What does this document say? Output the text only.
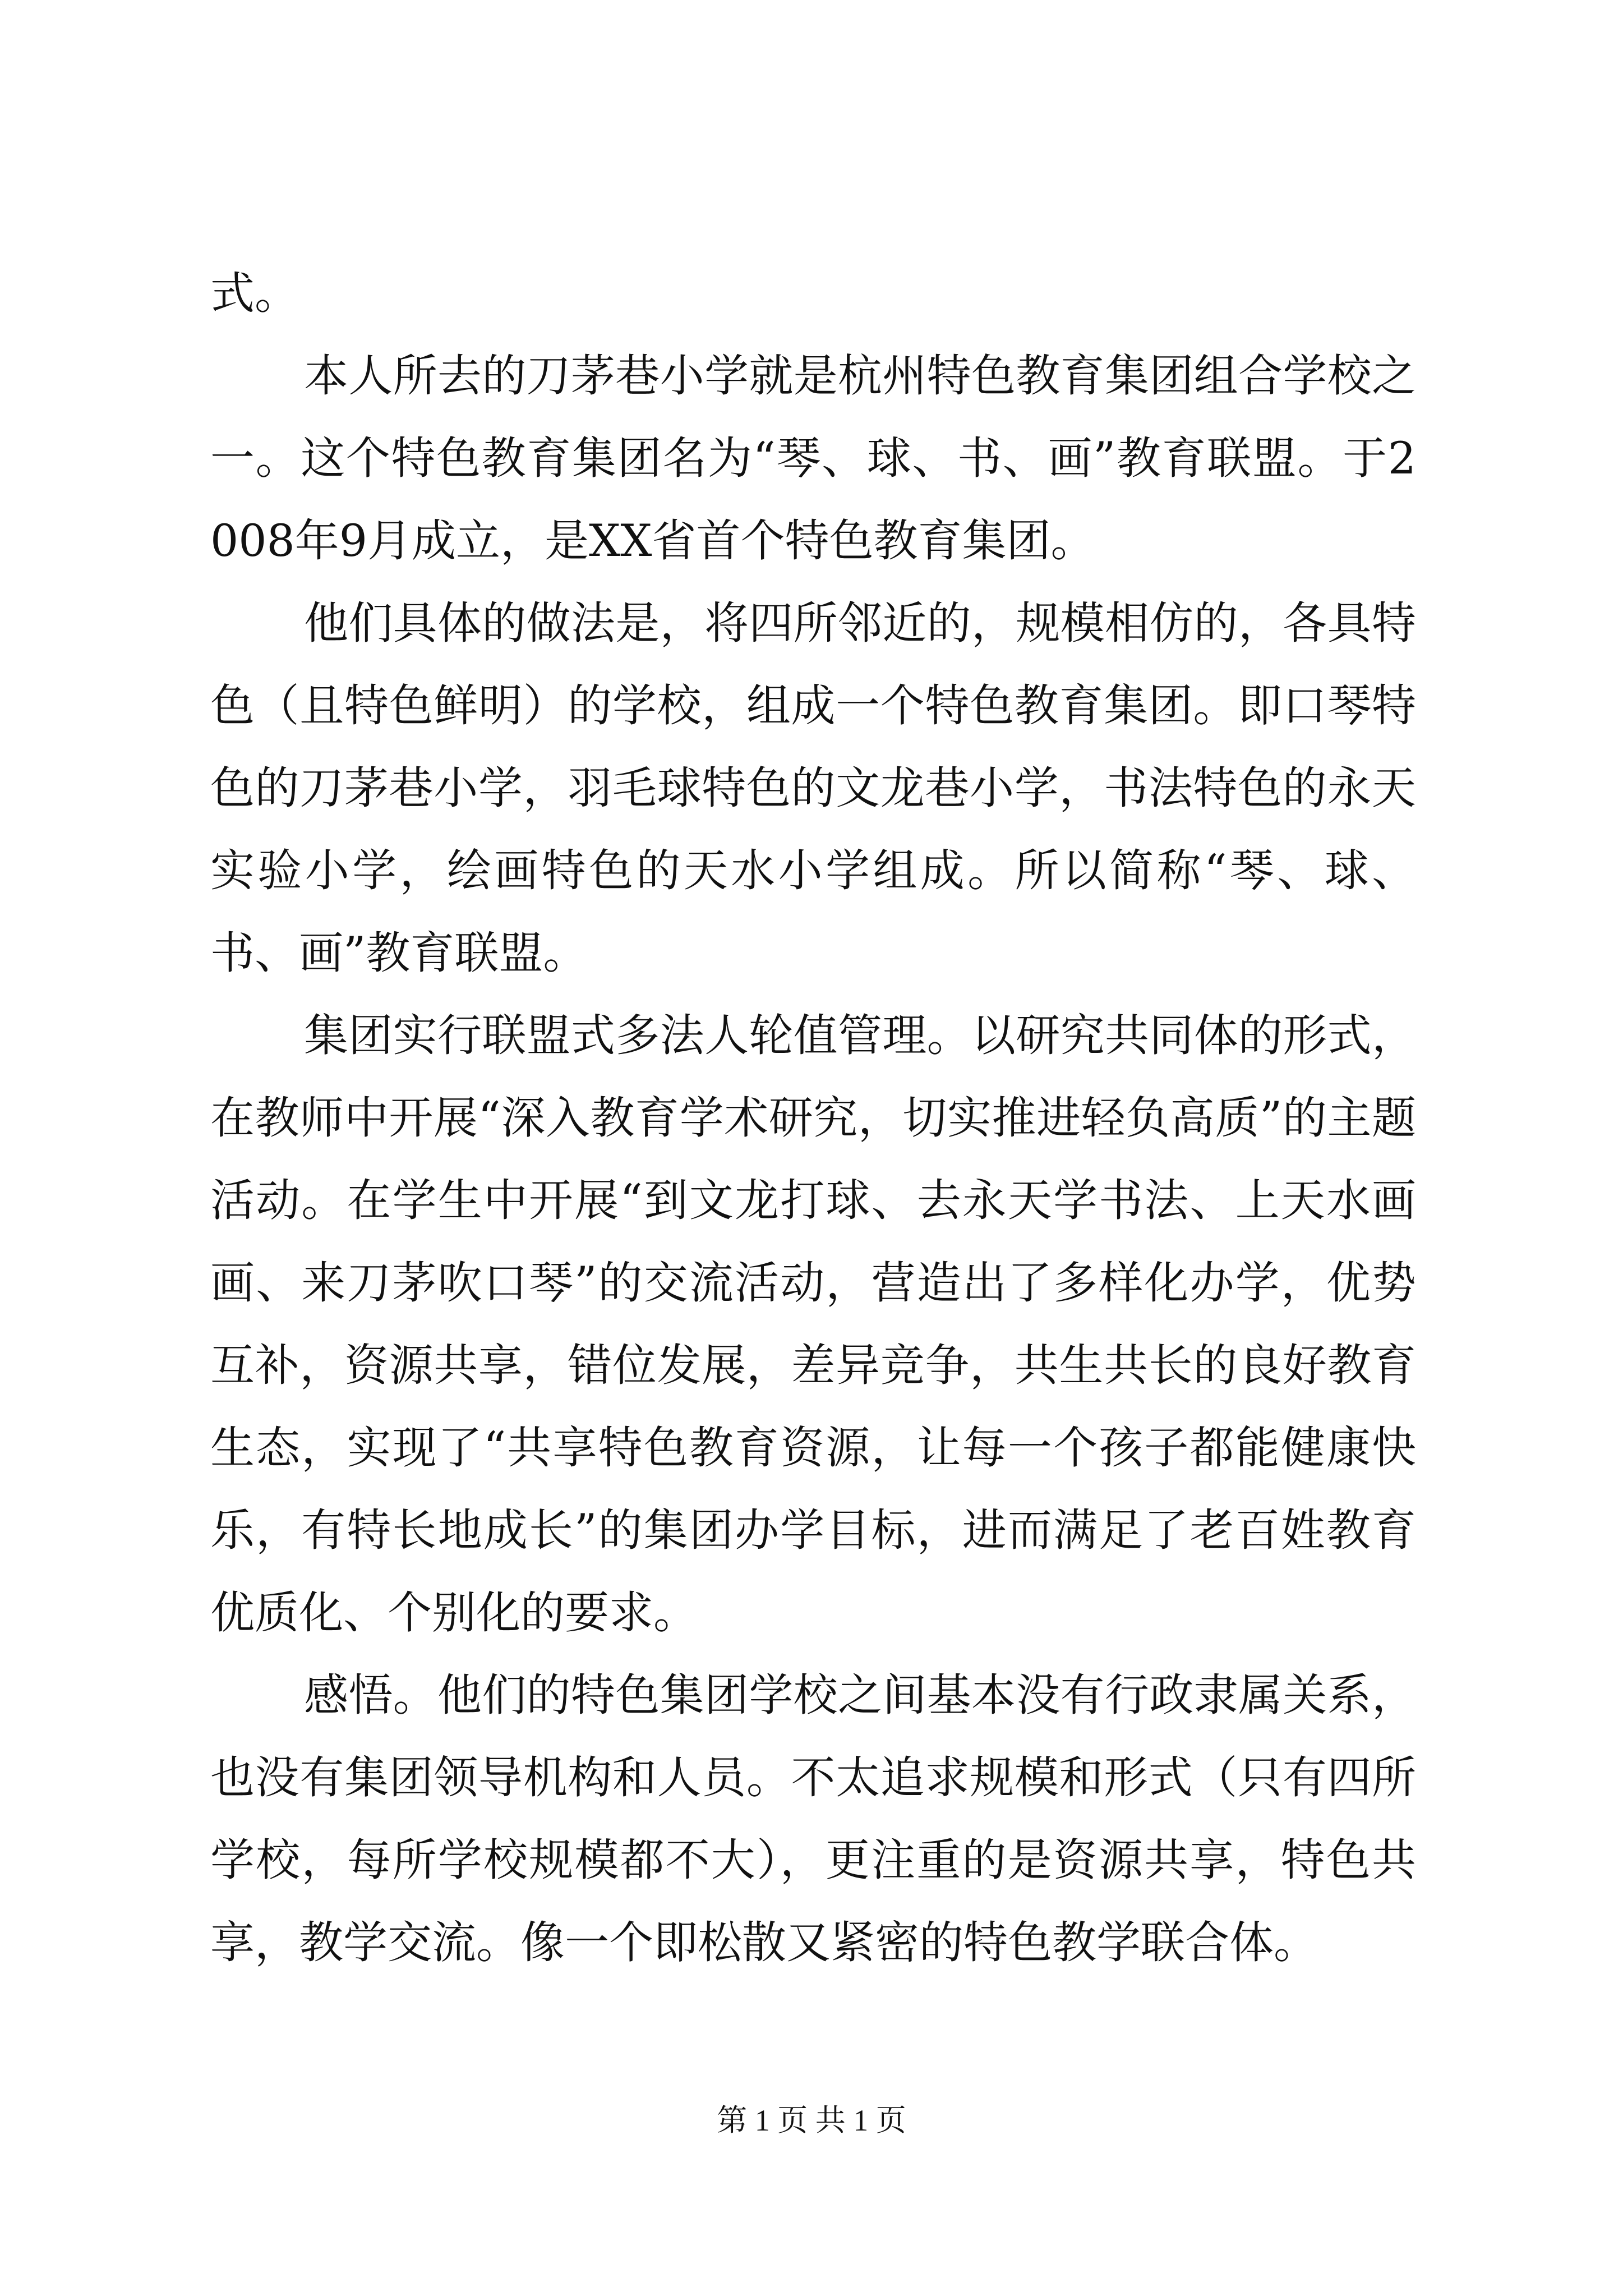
式。

本人所去的刀茅巷小学就是杭州特色教育集团组合学校之一。这个特色教育集团名为“琴、球、书、画”教育联盟。于2008年9月成立，是XX省首个特色教育集团。

他们具体的做法是，将四所邻近的，规模相仿的，各具特色（且特色鲜明）的学校，组成一个特色教育集团。即口琴特色的刀茅巷小学，羽毛球特色的文龙巷小学，书法特色的永天实验小学，绘画特色的天水小学组成。所以简称“琴、球、书、画”教育联盟。

集团实行联盟式多法人轮值管理。以研究共同体的形式，在教师中开展“深入教育学术研究，切实推进轻负高质”的主题活动。在学生中开展“到文龙打球、去永天学书法、上天水画画、来刀茅吹口琴”的交流活动，营造出了多样化办学，优势互补，资源共享，错位发展，差异竞争，共生共长的良好教育生态，实现了“共享特色教育资源，让每一个孩子都能健康快乐，有特长地成长”的集团办学目标，进而满足了老百姓教育优质化、个别化的要求。

感悟。他们的特色集团学校之间基本没有行政隶属关系，也没有集团领导机构和人员。不太追求规模和形式（只有四所学校，每所学校规模都不大），更注重的是资源共享，特色共享，教学交流。像一个即松散又紧密的特色教学联合体。

第 1 页 共 1 页
